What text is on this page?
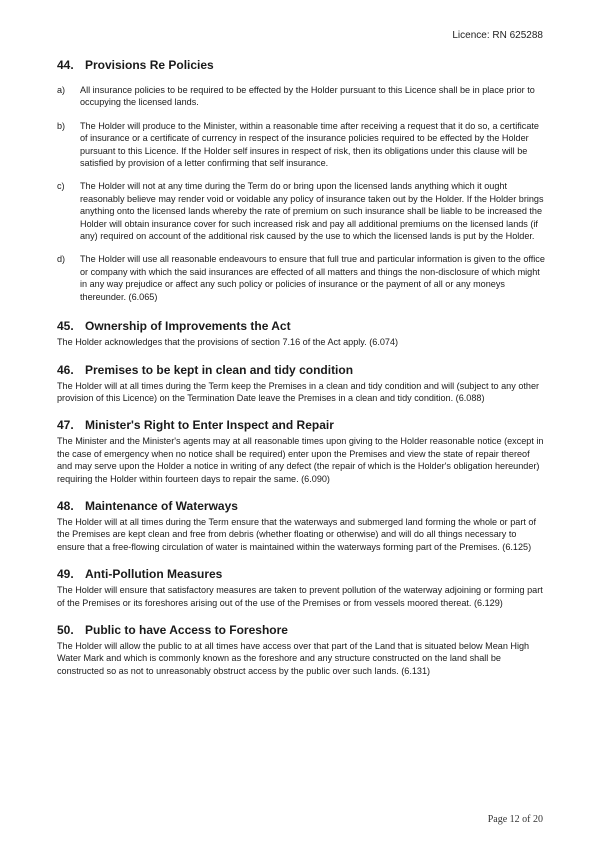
Licence: RN 625288
44. Provisions Re Policies
a)	All insurance policies to be required to be effected by the Holder pursuant to this Licence shall be in place prior to occupying the licensed lands.
b)	The Holder will produce to the Minister, within a reasonable time after receiving a request that it do so, a certificate of insurance or a certificate of currency in respect of the insurance policies required to be effected by the Holder pursuant to this Licence. If the Holder self insures in respect of risk, then its obligations under this clause will be satisfied by provision of a letter confirming that self insurance.
c)	The Holder will not at any time during the Term do or bring upon the licensed lands anything which it ought reasonably believe may render void or voidable any policy of insurance taken out by the Holder. If the Holder brings anything onto the licensed lands whereby the rate of premium on such insurance shall be liable to be increased the Holder will obtain insurance cover for such increased risk and pay all additional premiums on the licensed lands (if any) required on account of the additional risk caused by the use to which the licensed lands is put by the Holder.
d)	The Holder will use all reasonable endeavours to ensure that full true and particular information is given to the office or company with which the said insurances are effected of all matters and things the non-disclosure of which might in any way prejudice or affect any such policy or policies of insurance or the payment of all or any moneys thereunder. (6.065)
45. Ownership of Improvements the Act

The Holder acknowledges that the provisions of section 7.16 of the Act apply. (6.074)

46. Premises to be kept in clean and tidy condition

The Holder will at all times during the Term keep the Premises in a clean and tidy condition and will (subject to any other provision of this Licence) on the Termination Date leave the Premises in a clean and tidy condition. (6.088)

47. Minister's Right to Enter Inspect and Repair

The Minister and the Minister's agents may at all reasonable times upon giving to the Holder reasonable notice (except in the case of emergency when no notice shall be required) enter upon the Premises and view the state of repair thereof and may serve upon the Holder a notice in writing of any defect (the repair of which is the Holder's obligation hereunder) requiring the Holder within fourteen days to repair the same. (6.090)

48. Maintenance of Waterways

The Holder will at all times during the Term ensure that the waterways and submerged land forming the whole or part of the Premises are kept clean and free from debris (whether floating or otherwise) and will do all things necessary to ensure that a free-flowing circulation of water is maintained within the waterways forming part of the Premises. (6.125)

49. Anti-Pollution Measures

The Holder will ensure that satisfactory measures are taken to prevent pollution of the waterway adjoining or forming part of the Premises or its foreshores arising out of the use of the Premises or from vessels moored thereat. (6.129)

50. Public to have Access to Foreshore

The Holder will allow the public to at all times have access over that part of the Land that is situated below Mean High Water Mark and which is commonly known as the foreshore and any structure constructed on the land shall be constructed so as not to unreasonably obstruct access by the public over such lands. (6.131)

Page 12 of 20
